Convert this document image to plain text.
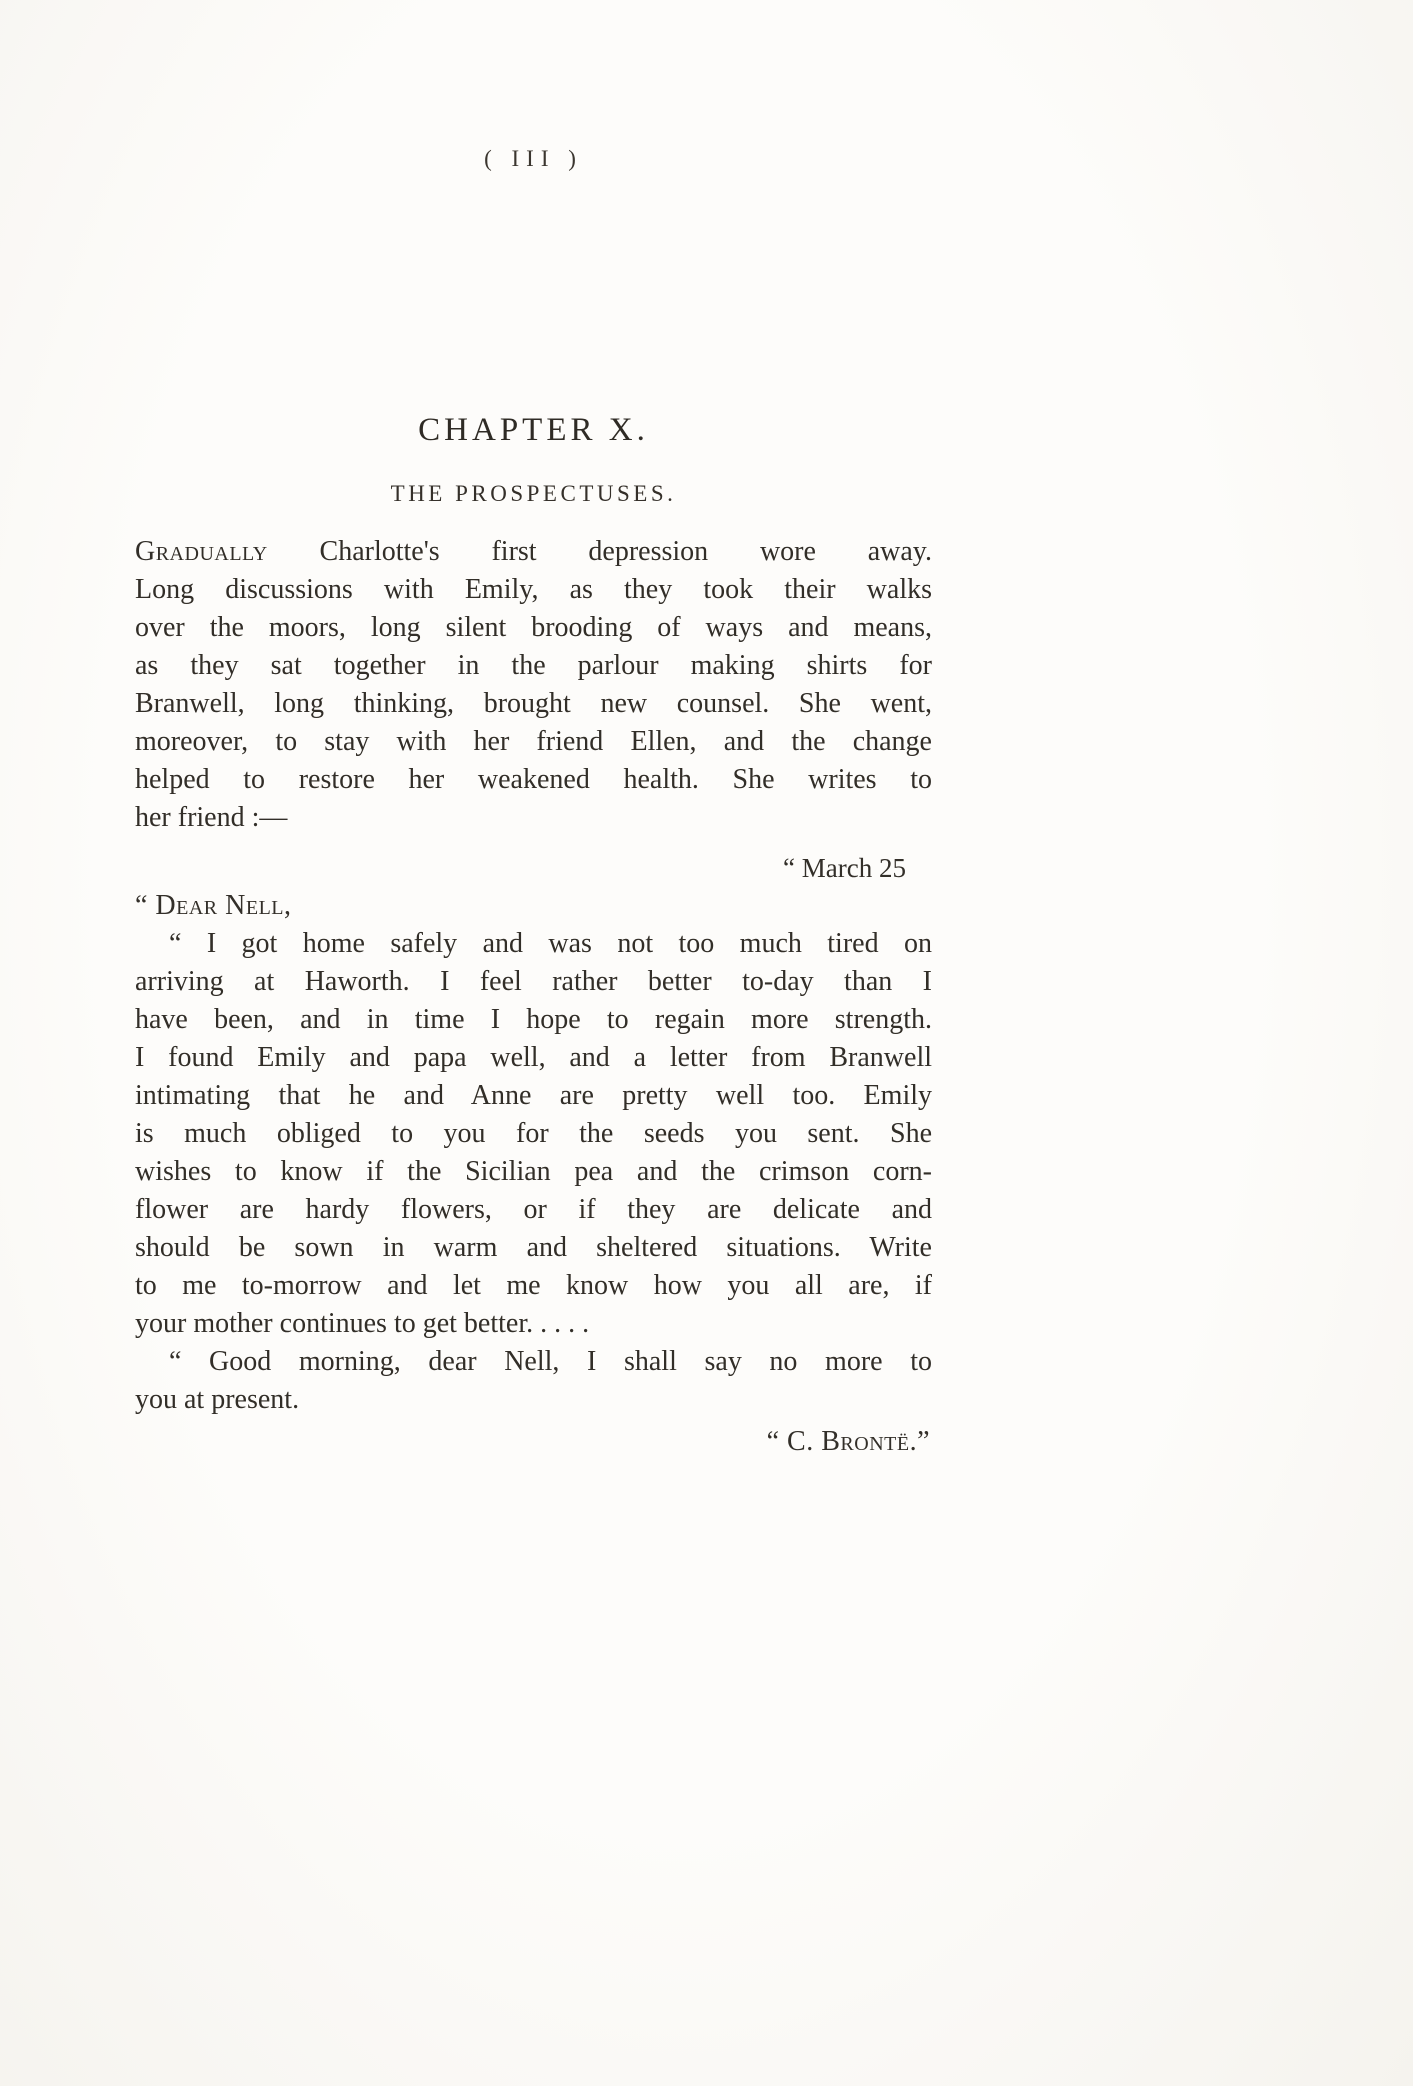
( III )
CHAPTER X.
THE PROSPECTUSES.
Gradually Charlotte's first depression wore away.
Long discussions with Emily, as they took their walks
over the moors, long silent brooding of ways and means,
as they sat together in the parlour making shirts for
Branwell, long thinking, brought new counsel. She went,
moreover, to stay with her friend Ellen, and the change
helped to restore her weakened health. She writes to
her friend :—
“ March 25
“ Dear Nell,
“ I got home safely and was not too much tired on
arriving at Haworth. I feel rather better to-day than I
have been, and in time I hope to regain more strength.
I found Emily and papa well, and a letter from Branwell
intimating that he and Anne are pretty well too. Emily
is much obliged to you for the seeds you sent. She
wishes to know if the Sicilian pea and the crimson corn-
flower are hardy flowers, or if they are delicate and
should be sown in warm and sheltered situations. Write
to me to-morrow and let me know how you all are, if
your mother continues to get better. . . . .
“ Good morning, dear Nell, I shall say no more to
you at present.
“ C. Brontë.”
